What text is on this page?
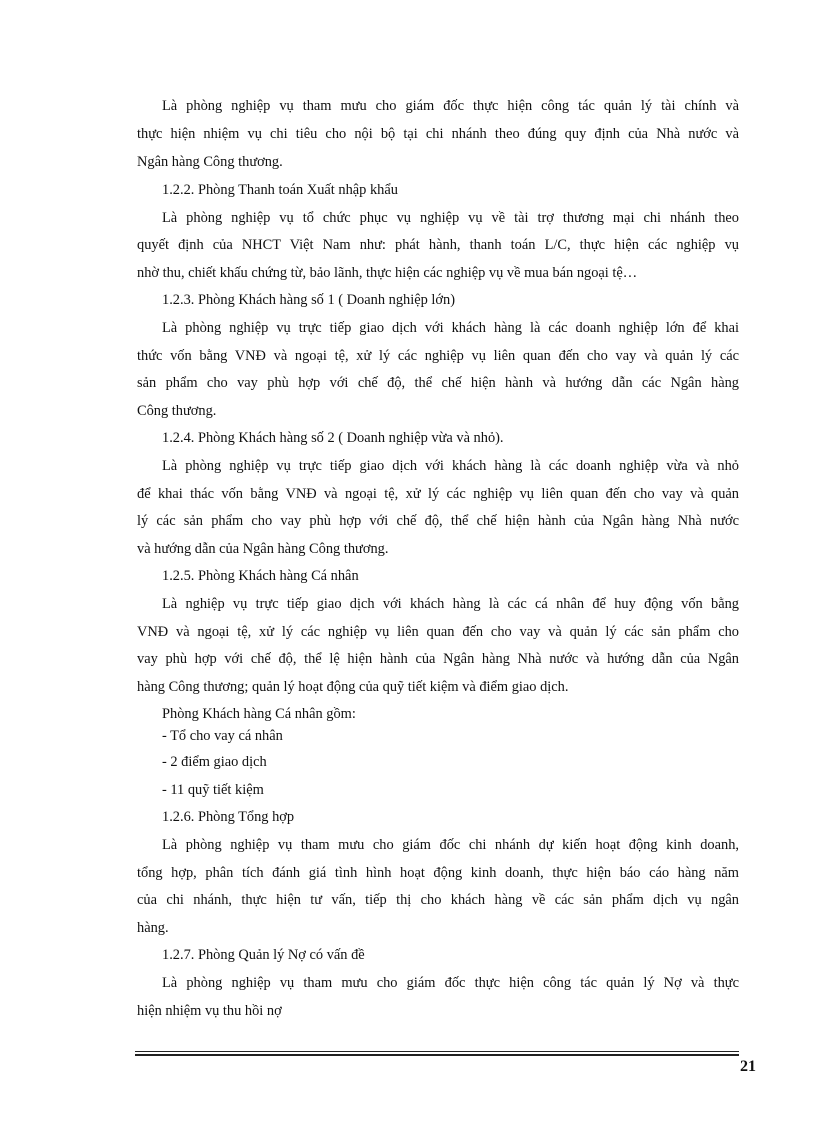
Là phòng nghiệp vụ tham mưu cho giám đốc thực hiện công tác quản lý tài chính và
thực hiện nhiệm vụ chi tiêu cho nội bộ tại chi nhánh theo đúng quy định của Nhà nước và
Ngân hàng Công thương.
1.2.2. Phòng Thanh toán Xuất nhập khẩu
Là phòng nghiệp vụ tổ chức phục vụ nghiệp vụ về tài trợ thương mại chi nhánh theo
quyết định của NHCT Việt Nam như: phát hành, thanh toán L/C, thực hiện các nghiệp vụ
nhờ thu, chiết khấu chứng từ, bảo lãnh, thực hiện các nghiệp vụ về mua bán ngoại tệ…
1.2.3. Phòng Khách hàng số 1 ( Doanh nghiệp lớn)
Là phòng nghiệp vụ trực tiếp giao dịch với khách hàng là các doanh nghiệp lớn để khai
thức vốn bằng VNĐ và ngoại tệ, xử lý các nghiệp vụ liên quan đến cho vay và quản lý các
sản phẩm cho vay phù hợp với chế độ, thể chế hiện hành và hướng dẫn các Ngân hàng
Công thương.
1.2.4. Phòng Khách hàng số 2 ( Doanh nghiệp vừa và nhỏ).
Là phòng nghiệp vụ trực tiếp giao dịch với khách hàng là các doanh nghiệp vừa và nhỏ
để khai thác vốn bằng VNĐ và ngoại tệ, xử lý các nghiệp vụ liên quan đến cho vay và quản
lý các sản phẩm cho vay phù hợp với chế độ, thể chế hiện hành của Ngân hàng Nhà nước
và hướng dẫn của Ngân hàng Công thương.
1.2.5. Phòng Khách hàng Cá nhân
Là nghiệp vụ trực tiếp giao dịch với khách hàng là các cá nhân để huy động vốn bằng
VNĐ và ngoại tệ, xử lý các nghiệp vụ liên quan đến cho vay và quản lý các sản phẩm cho
vay phù hợp với chế độ, thể lệ hiện hành của Ngân hàng Nhà nước và hướng dẫn của Ngân
hàng Công thương; quản lý hoạt động của quỹ tiết kiệm và điểm giao dịch.
Phòng Khách hàng Cá nhân gồm:
- Tổ cho vay cá nhân
- 2 điểm giao dịch
- 11 quỹ tiết kiệm
1.2.6. Phòng Tổng hợp
Là phòng nghiệp vụ tham mưu cho giám đốc chi nhánh dự kiến hoạt động kinh doanh,
tổng hợp, phân tích đánh giá tình hình hoạt động kinh doanh, thực hiện báo cáo hàng năm
của chi nhánh, thực hiện tư vấn, tiếp thị cho khách hàng về các sản phẩm dịch vụ ngân
hàng.
1.2.7. Phòng Quản lý Nợ có vấn đề
Là phòng nghiệp vụ tham mưu cho giám đốc thực hiện công tác quản lý Nợ và thực
hiện nhiệm vụ thu hồi nợ
21
